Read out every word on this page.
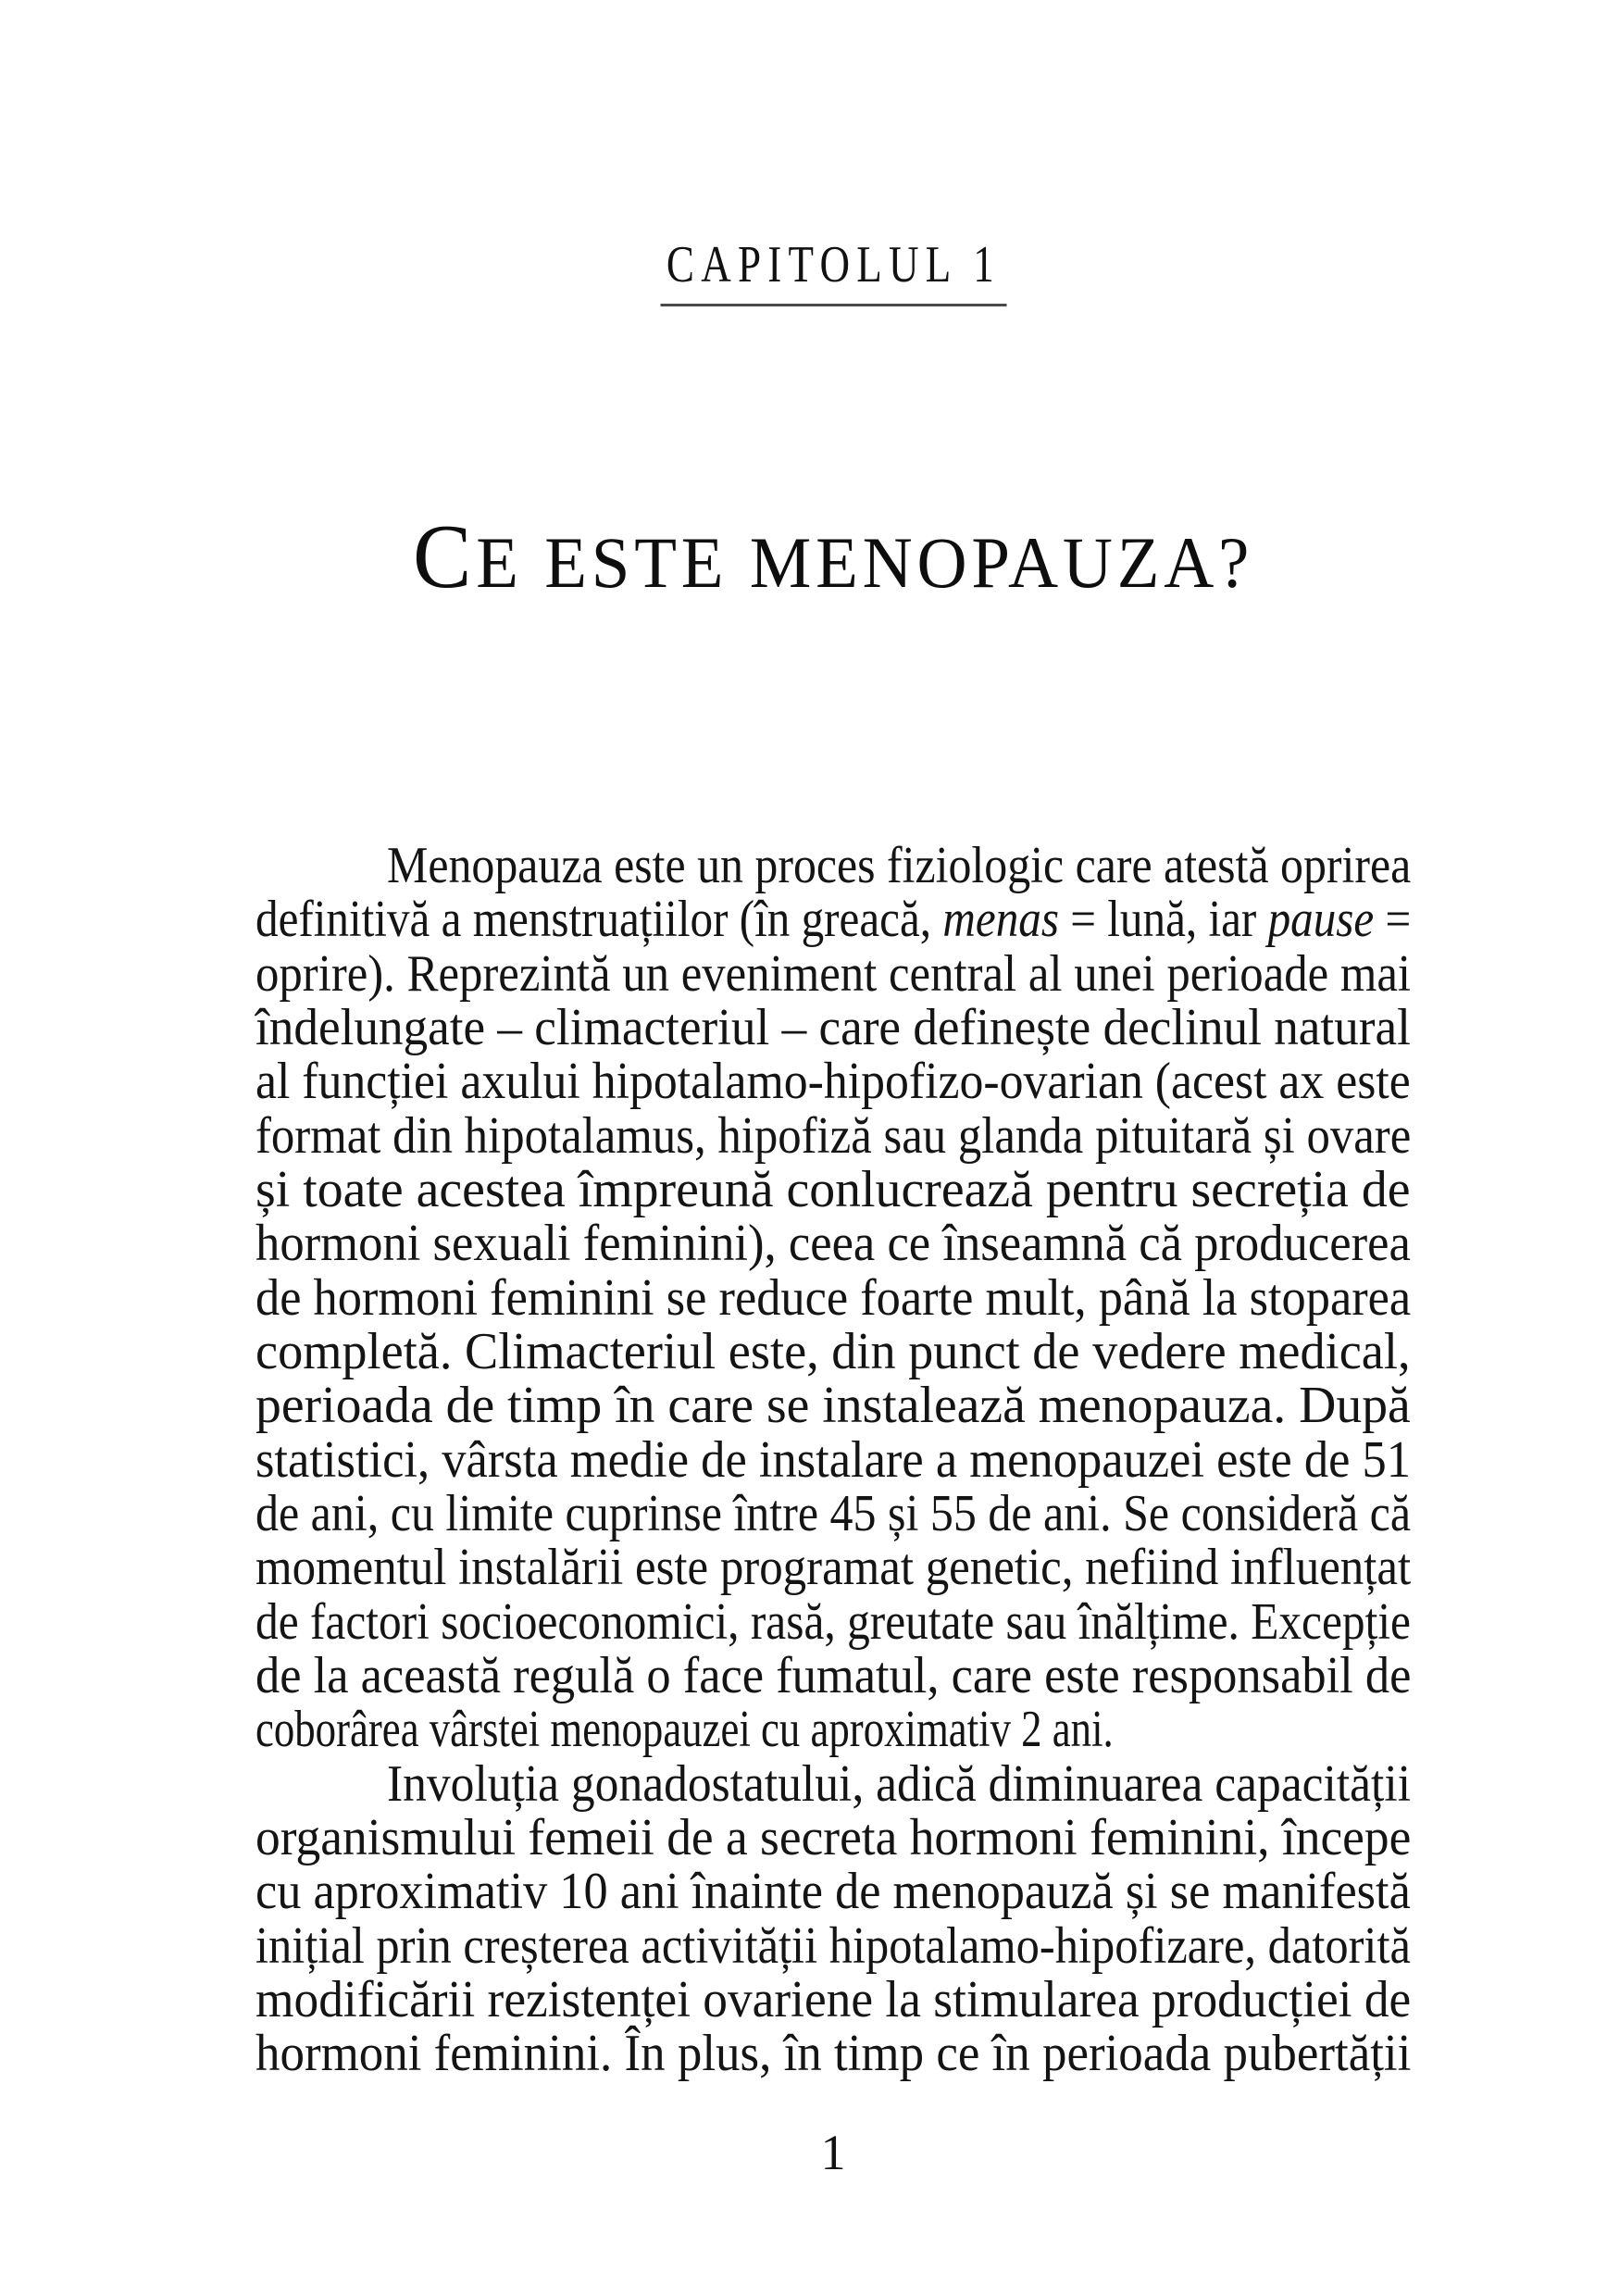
CAPITOLUL 1
CE ESTE MENOPAUZA?
Menopauza este un proces fiziologic care atestă oprirea
definitivă a menstruațiilor (în greacă, menas = lună, iar pause =
oprire). Reprezintă un eveniment central al unei perioade mai
îndelungate – climacteriul – care definește declinul natural
al funcției axului hipotalamo-hipofizo-ovarian (acest ax este
format din hipotalamus, hipofiză sau glanda pituitară și ovare
și toate acestea împreună conlucrează pentru secreția de
hormoni sexuali feminini), ceea ce înseamnă că producerea
de hormoni feminini se reduce foarte mult, până la stoparea
completă. Climacteriul este, din punct de vedere medical,
perioada de timp în care se instalează menopauza. După
statistici, vârsta medie de instalare a menopauzei este de 51
de ani, cu limite cuprinse între 45 și 55 de ani. Se consideră că
momentul instalării este programat genetic, nefiind influențat
de factori socioeconomici, rasă, greutate sau înălțime. Excepție
de la această regulă o face fumatul, care este responsabil de
coborârea vârstei menopauzei cu aproximativ 2 ani.
Involuția gonadostatului, adică diminuarea capacității
organismului femeii de a secreta hormoni feminini, începe
cu aproximativ 10 ani înainte de menopauză și se manifestă
inițial prin creșterea activității hipotalamo-hipofizare, datorită
modificării rezistenței ovariene la stimularea producției de
hormoni feminini. În plus, în timp ce în perioada pubertății
1
